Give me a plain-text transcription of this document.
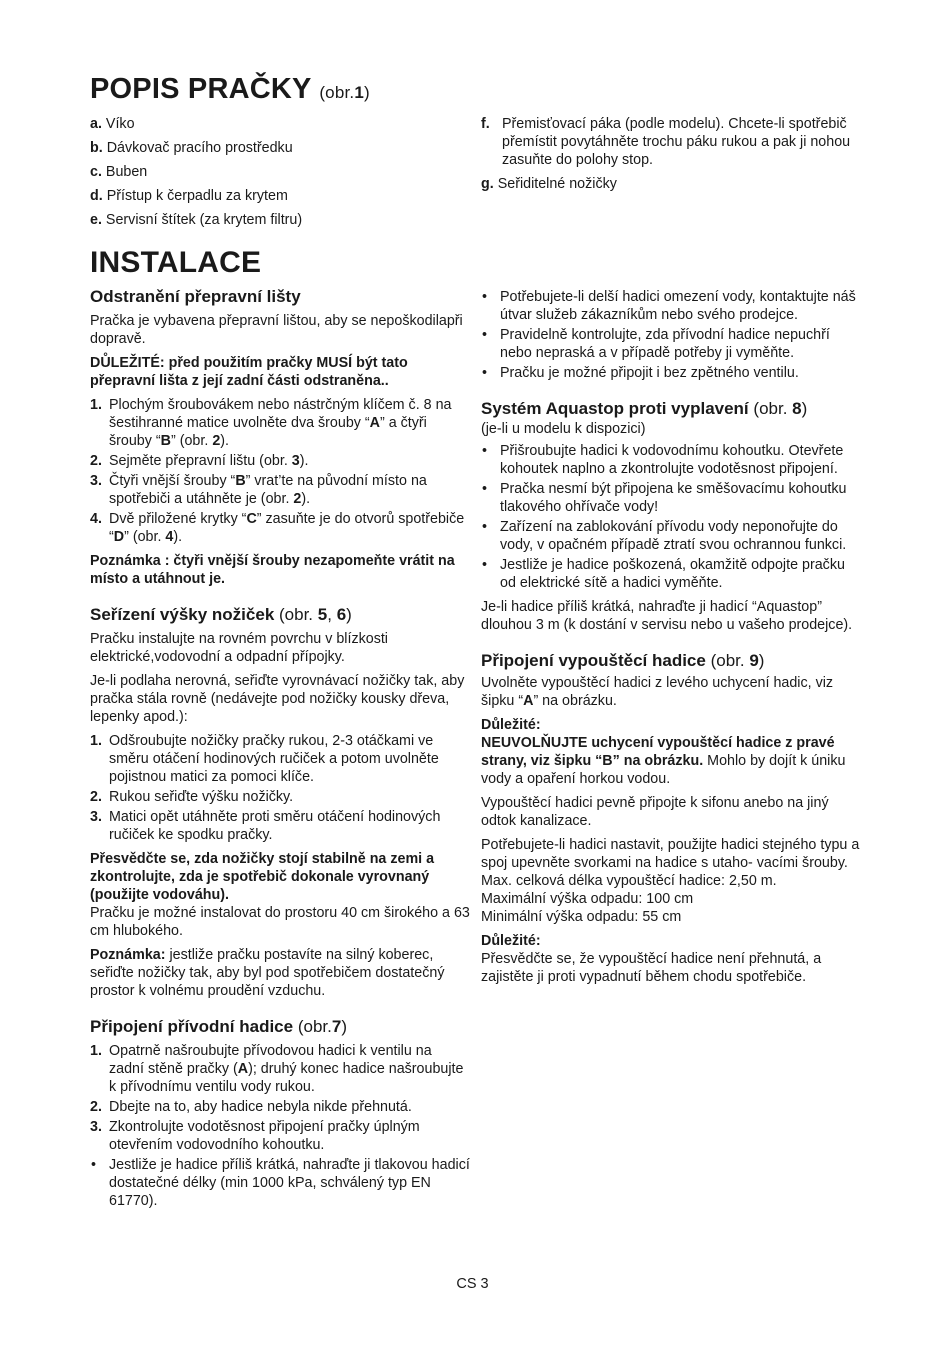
POPIS PRAČKY (obr.1)
a. Víko
b. Dávkovač pracího prostředku
c. Buben
d. Přístup k čerpadlu za krytem
e. Servisní štítek (za krytem filtru)
f. Přemisťovací páka (podle modelu). Chcete-li spotřebič přemístit povytáhněte trochu páku rukou a pak ji nohou zasuňte do polohy stop.
g. Seřiditelné nožičky
INSTALACE
Odstranění přepravní lišty

Pračka je vybavena přepravní lištou, aby se nepoškodilapři dopravě.

DŮLEŽITÉ: před použitím pračky MUSÍ být tato přepravní lišta z její zadní části odstraněna..

1. Plochým šroubovákem nebo nástrčným klíčem č. 8 na šestihranné matice uvolněte dva šrouby “A” a čtyři šrouby “B” (obr. 2).
2. Sejměte přepravní lištu (obr. 3).
3. Čtyři vnější šrouby “B” vrat’te na původní místo na spotřebiči a utáhněte je (obr. 2).
4. Dvě přiložené krytky “C” zasuňte je do otvorů spotřebiče “D” (obr. 4).

Poznámka : čtyři vnější šrouby nezapomeňte vrátit na místo a utáhnout je.

Seřízení výšky nožiček (obr. 5, 6)

Pračku instalujte na rovném povrchu v blízkosti elektrické,vodovodní a odpadní přípojky.

Je-li podlaha nerovná, seřiďte vyrovnávací nožičky tak, aby pračka stála rovně (nedávejte pod nožičky kousky dřeva, lepenky apod.):

1. Odšroubujte nožičky pračky rukou, 2-3 otáčkami ve směru otáčení hodinových ručiček a potom uvolněte pojistnou matici za pomoci klíče.
2. Rukou seřiďte výšku nožičky.
3. Matici opět utáhněte proti směru otáčení hodinových ručiček ke spodku pračky.

Přesvědčte se, zda nožičky stojí stabilně na zemi a zkontrolujte, zda je spotřebič dokonale vyrovnaný (použijte vodováhu).
Pračku je možné instalovat do prostoru 40 cm širokého a 63 cm hlubokého.

Poznámka: jestliže pračku postavíte na silný koberec, seřiďte nožičky tak, aby byl pod spotřebičem dostatečný prostor k volnému proudění vzduchu.

Připojení přívodní hadice (obr.7)
1. Opatrně našroubujte přívodovou hadici k ventilu na zadní stěně pračky (A); druhý konec hadice našroubujte k přívodnímu ventilu vody rukou.
2. Dbejte na to, aby hadice nebyla nikde přehnutá.
3. Zkontrolujte vodotěsnost připojení pračky úplným otevřením vodovodního kohoutku.
• Jestliže je hadice příliš krátká, nahraďte ji tlakovou hadicí dostatečné délky (min 1000 kPa, schválený typ EN 61770).
• Potřebujete-li delší hadici omezení vody, kontaktujte náš útvar služeb zákazníkům nebo svého prodejce.
• Pravidelně kontrolujte, zda přívodní hadice nepuchří nebo nepraská a v případě potřeby ji vyměňte.
• Pračku je možné připojit i bez zpětného ventilu.
Systém Aquastop proti vyplavení (obr. 8)

(je-li u modelu k dispozici)

• Přišroubujte hadici k vodovodnímu kohoutku. Otevřete kohoutek naplno a zkontrolujte vodotěsnost připojení.
• Pračka nesmí být připojena ke směšovacímu kohoutku tlakového ohřívače vody!
• Zařízení na zablokování přívodu vody neponořujte do vody, v opačném případě ztratí svou ochrannou funkci.
• Jestliže je hadice poškozená, okamžitě odpojte pračku od elektrické sítě a hadici vyměňte.

Je-li hadice příliš krátká, nahraďte ji hadicí “Aquastop” dlouhou 3 m (k dostání v servisu nebo u vašeho prodejce).

Připojení vypouštěcí hadice (obr. 9)

Uvolněte vypouštěcí hadici z levého uchycení hadic, viz šipku “A” na obrázku.

Důležité:
NEUVOLŇUJTE uchycení vypouštěcí hadice z pravé strany, viz šipku “B” na obrázku. Mohlo by dojít k úniku vody a opaření horkou vodou.

Vypouštěcí hadici pevně připojte k sifonu anebo na jiný odtok kanalizace.

Potřebujete-li hadici nastavit, použijte hadici stejného typu a spoj upevněte svorkami na hadice s utaho- vacími šrouby.

Max. celková délka vypouštěcí hadice: 2,50 m.
Maximální výška odpadu: 100 cm
Minimální výška odpadu: 55 cm

Důležité:
Přesvědčte se, že vypouštěcí hadice není přehnutá, a zajistěte ji proti vypadnutí během chodu spotřebiče.

CS 3
